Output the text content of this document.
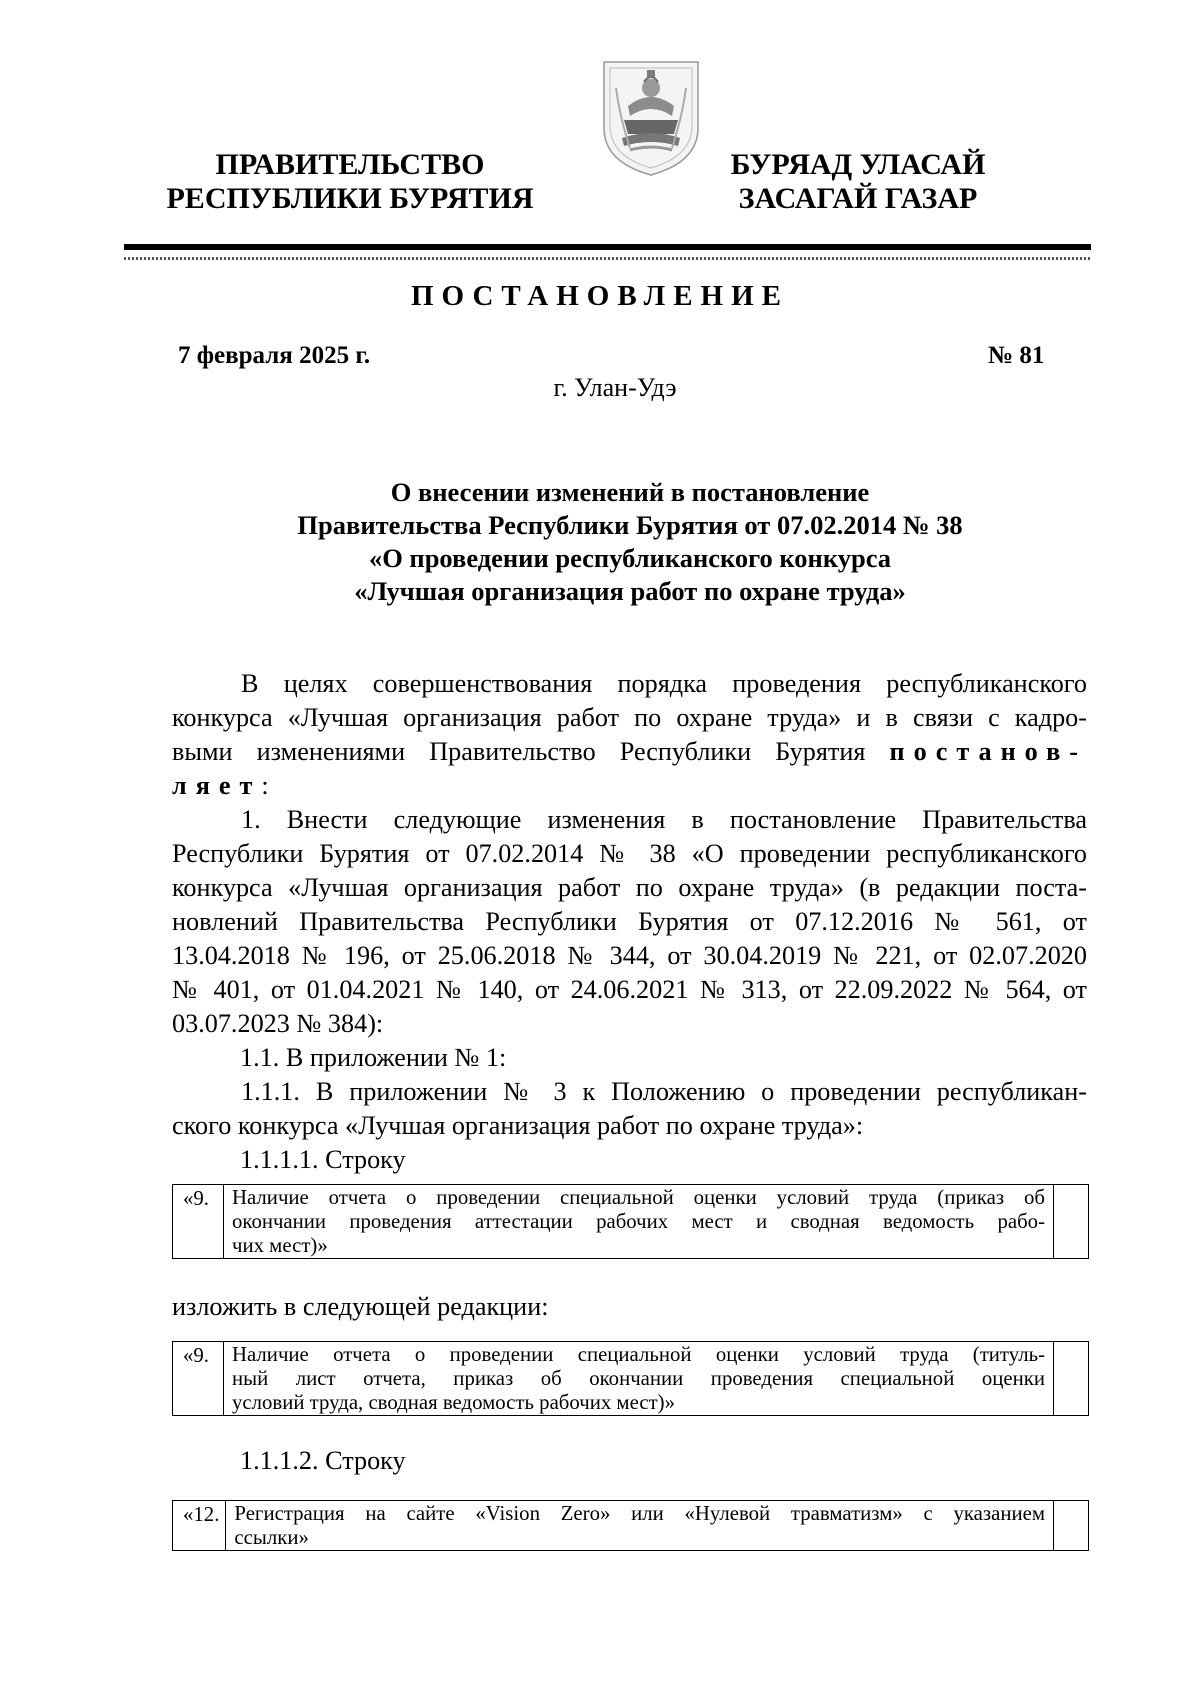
ПРАВИТЕЛЬСТВО
РЕСПУБЛИКИ БУРЯТИЯ
БУРЯАД УЛАСАЙ
ЗАСАГАЙ ГАЗАР
ПОСТАНОВЛЕНИЕ
7 февраля 2025 г.	№ 81
г. Улан-Удэ
О внесении изменений в постановление
Правительства Республики Бурятия от 07.02.2014 № 38
«О проведении республиканского конкурса
«Лучшая организация работ по охране труда»
В целях совершенствования порядка проведения республиканского
конкурса «Лучшая организация работ по охране труда» и в связи с кадро-
выми изменениями Правительство Республики Бурятия постанов-
ляет:
1. Внести следующие изменения в постановление Правительства
Республики Бурятия от 07.02.2014 № 38 «О проведении республиканского
конкурса «Лучшая организация работ по охране труда» (в редакции поста-
новлений Правительства Республики Бурятия от 07.12.2016 № 561, от
13.04.2018 № 196, от 25.06.2018 № 344, от 30.04.2019 № 221, от 02.07.2020
№ 401, от 01.04.2021 № 140, от 24.06.2021 № 313, от 22.09.2022 № 564, от
03.07.2023 № 384):
1.1. В приложении № 1:
1.1.1. В приложении № 3 к Положению о проведении республикан-
ского конкурса «Лучшая организация работ по охране труда»:
1.1.1.1. Строку
«9.	Наличие отчета о проведении специальной оценки условий труда (приказ об
окончании проведения аттестации рабочих мест и сводная ведомость рабо-
чих мест)»

изложить в следующей редакции:
«9.	Наличие отчета о проведении специальной оценки условий труда (титуль-
ный лист отчета, приказ об окончании проведения специальной оценки
условий труда, сводная ведомость рабочих мест)»

1.1.1.2. Строку
«12.	Регистрация на сайте «Vision Zero» или «Нулевой травматизм» с указанием
ссылки»
